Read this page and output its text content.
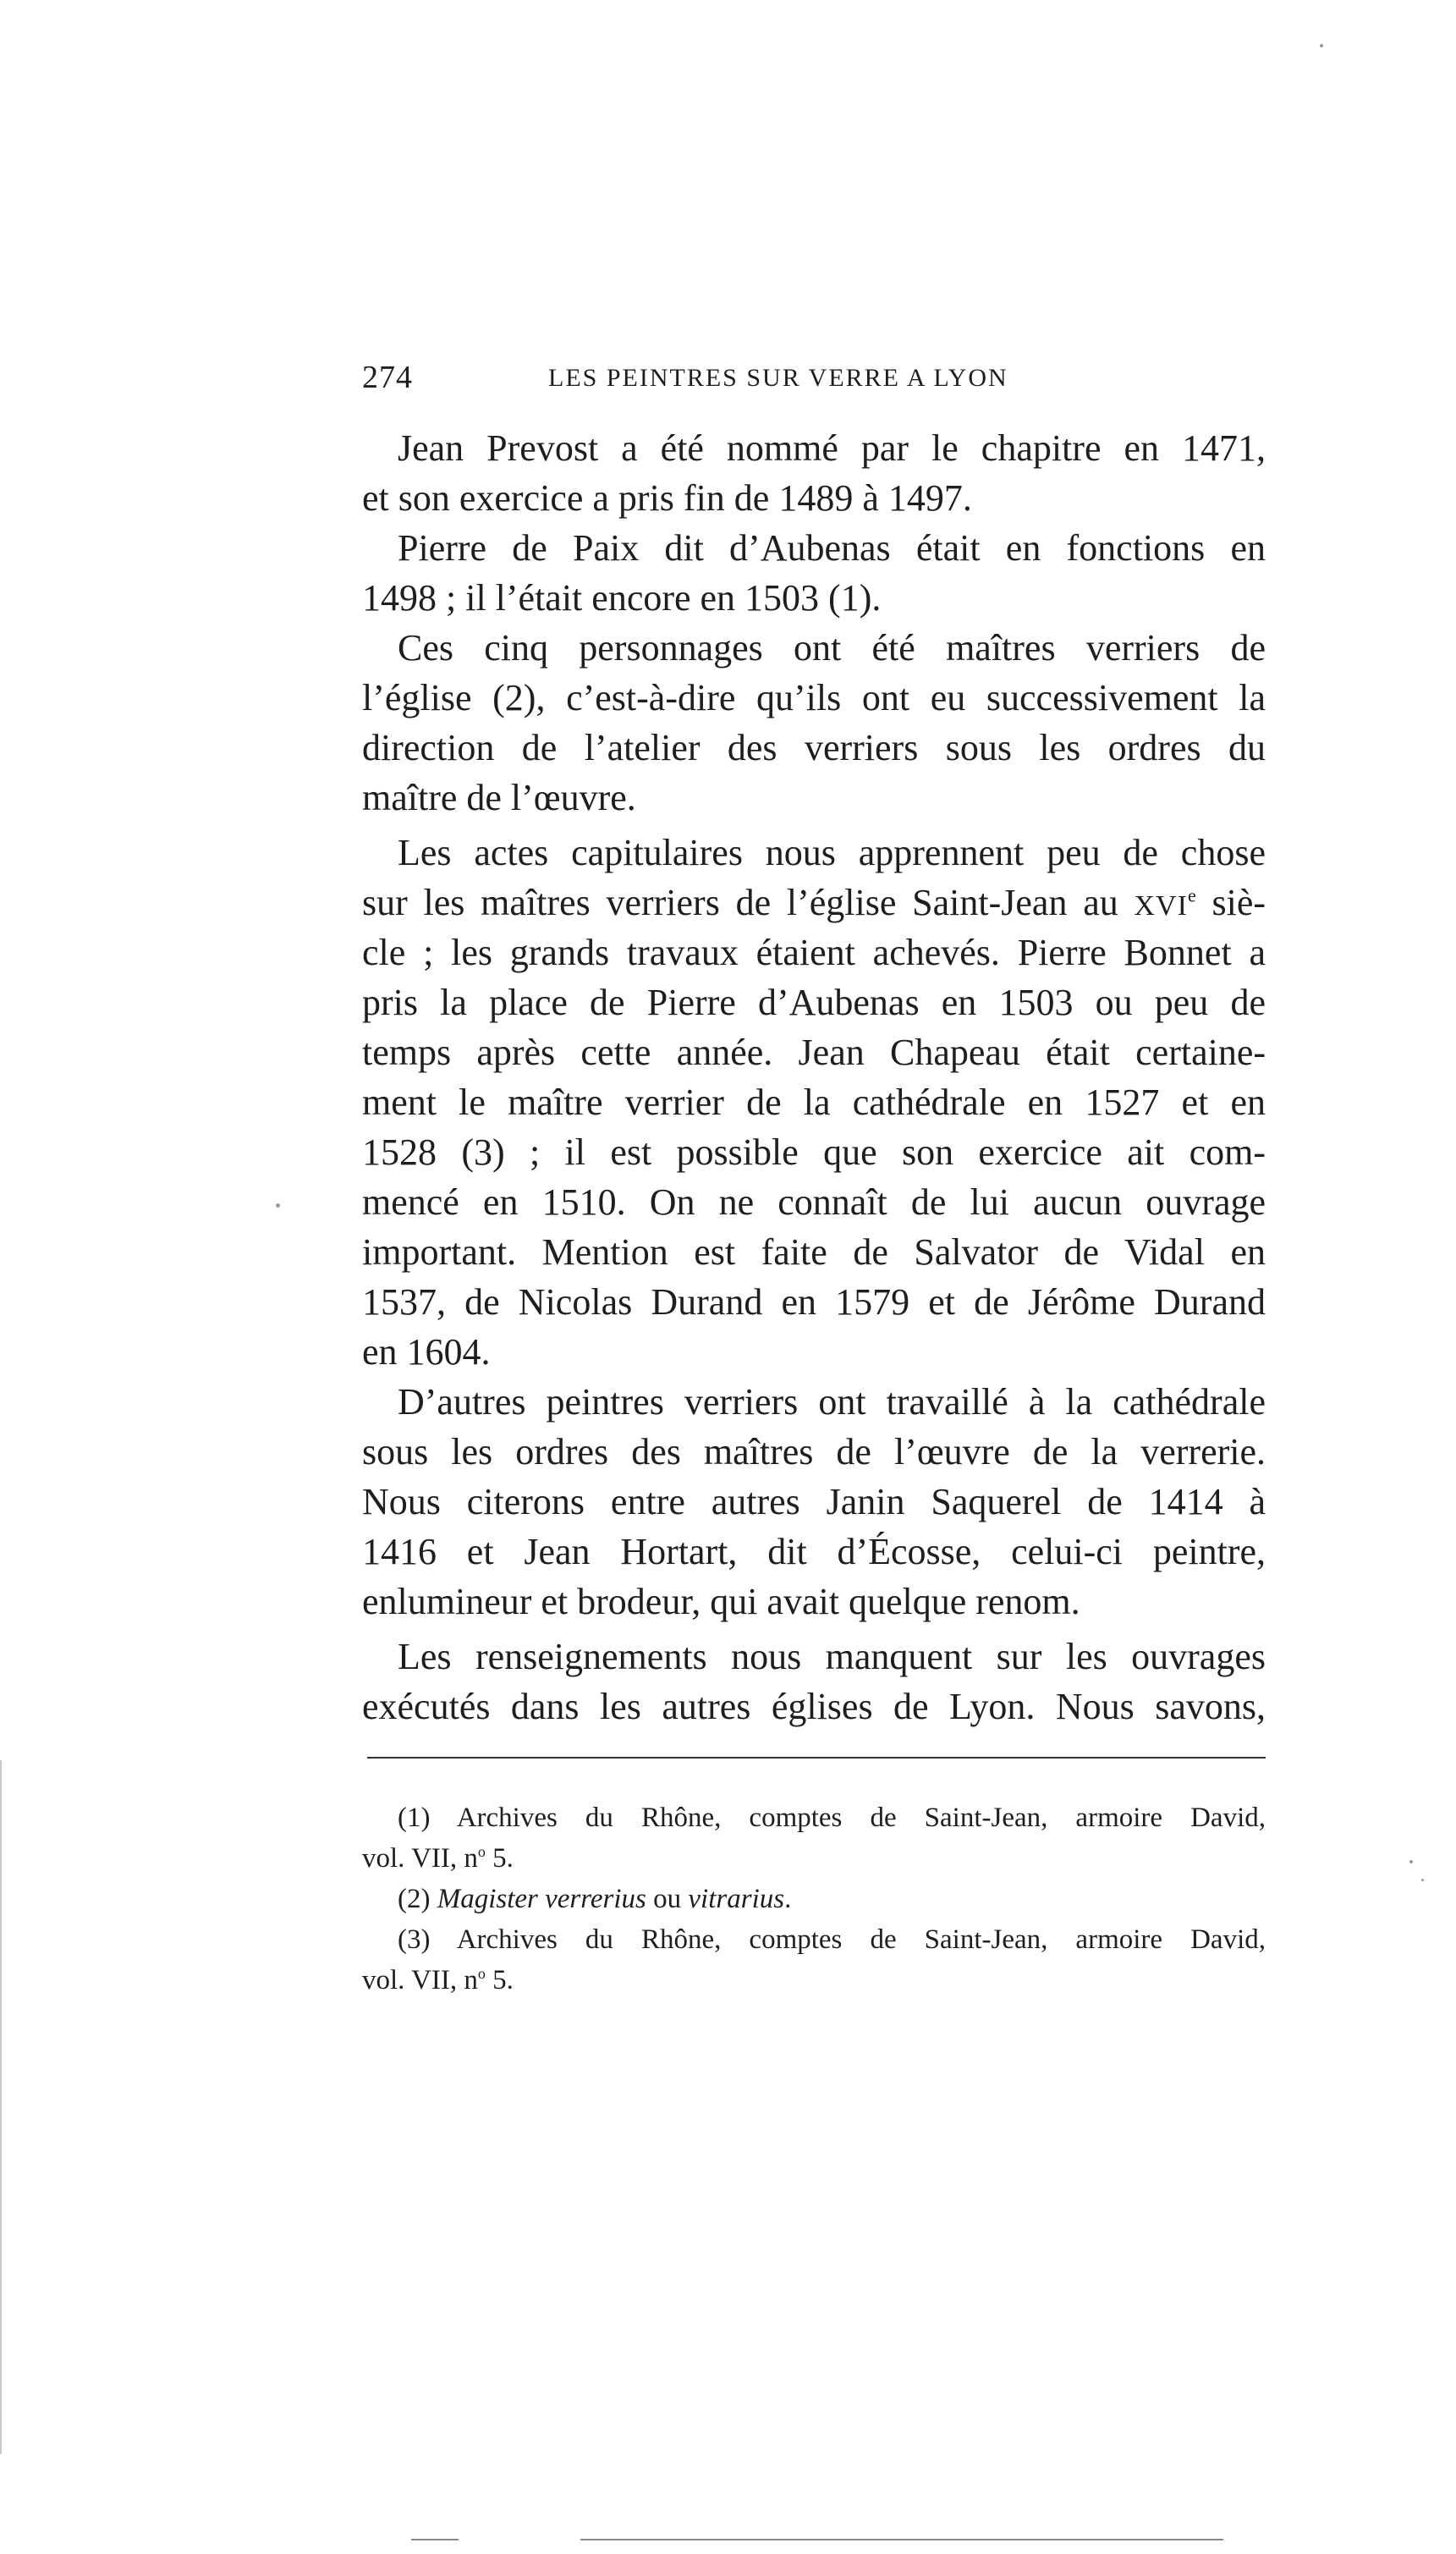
274	LES PEINTRES SUR VERRE A LYON
Jean Prevost a été nommé par le chapitre en 1471,
et son exercice a pris fin de 1489 à 1497.
Pierre de Paix dit d’Aubenas était en fonctions en
1498 ; il l’était encore en 1503 (1).
Ces cinq personnages ont été maîtres verriers de
l’église (2), c’est-à-dire qu’ils ont eu successivement la
direction de l’atelier des verriers sous les ordres du
maître de l’œuvre.
Les actes capitulaires nous apprennent peu de chose
sur les maîtres verriers de l’église Saint-Jean au XVIe siè-
cle ; les grands travaux étaient achevés. Pierre Bonnet a
pris la place de Pierre d’Aubenas en 1503 ou peu de
temps après cette année. Jean Chapeau était certaine-
ment le maître verrier de la cathédrale en 1527 et en
1528 (3) ; il est possible que son exercice ait com-
mencé en 1510. On ne connaît de lui aucun ouvrage
important. Mention est faite de Salvator de Vidal en
1537, de Nicolas Durand en 1579 et de Jérôme Durand
en 1604.
D’autres peintres verriers ont travaillé à la cathédrale
sous les ordres des maîtres de l’œuvre de la verrerie.
Nous citerons entre autres Janin Saquerel de 1414 à
1416 et Jean Hortart, dit d’Écosse, celui-ci peintre,
enlumineur et brodeur, qui avait quelque renom.
Les renseignements nous manquent sur les ouvrages
exécutés dans les autres églises de Lyon. Nous savons,
(1) Archives du Rhône, comptes de Saint-Jean, armoire David,
vol. VII, $n^o$ 5.
(2) Magister verrerius ou vitrarius.
(3) Archives du Rhône, comptes de Saint-Jean, armoire David,
vol. VII, $n^o$ 5.
